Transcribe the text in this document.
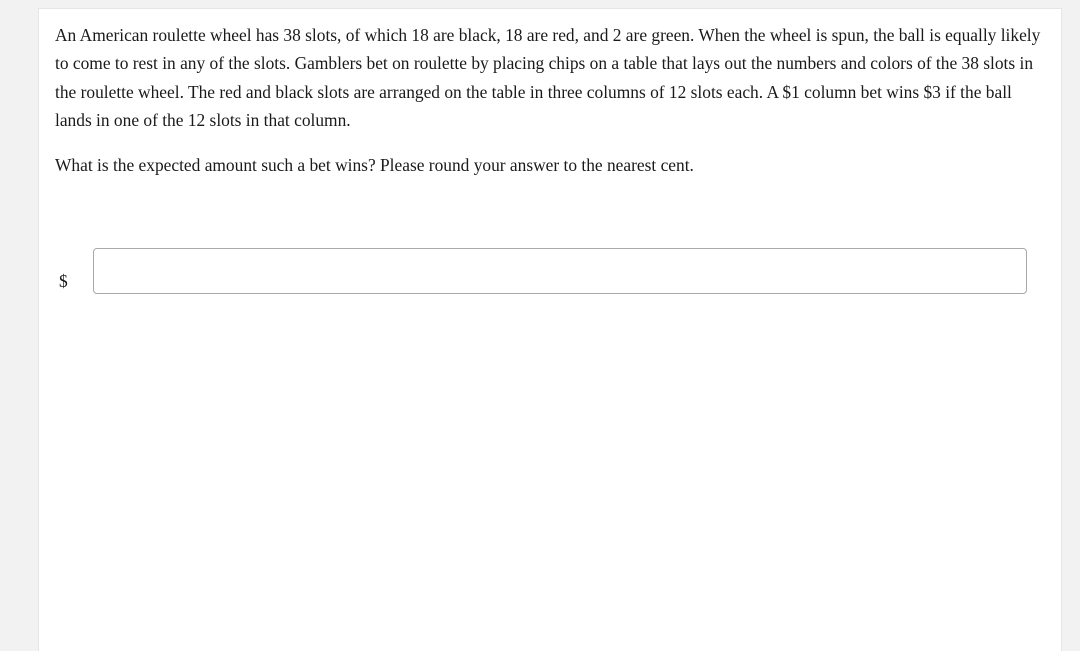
An American roulette wheel has 38 slots, of which 18 are black, 18 are red, and 2 are green. When the wheel is spun, the ball is equally likely to come to rest in any of the slots. Gamblers bet on roulette by placing chips on a table that lays out the numbers and colors of the 38 slots in the roulette wheel. The red and black slots are arranged on the table in three columns of 12 slots each. A $1 column bet wins $3 if the ball lands in one of the 12 slots in that column.

What is the expected amount such a bet wins? Please round your answer to the nearest cent.

$
